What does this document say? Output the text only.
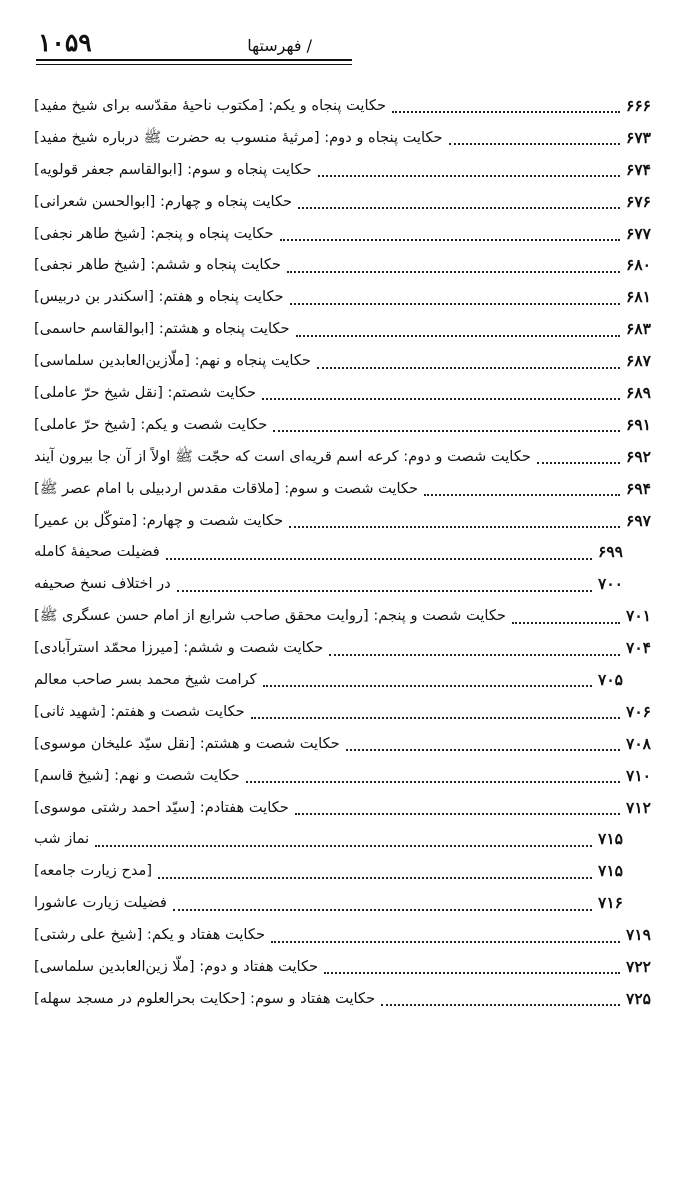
۱۰۵۹	/ فهرستها
حکایت پنجاه و یکم: [مکتوب ناحیهٔ مقدّسه برای شیخ مفید]	۶۶۶
حکایت پنجاه و دوم: [مرثیهٔ منسوب به حضرت ﷺ درباره شیخ مفید]	۶۷۳
حکایت پنجاه و سوم: [ابوالقاسم جعفر قولویه]	۶۷۴
حکایت پنجاه و چهارم: [ابوالحسن شعرانی]	۶۷۶
حکایت پنجاه و پنجم: [شیخ طاهر نجفی]	۶۷۷
حکایت پنجاه و ششم: [شیخ طاهر نجفی]	۶۸۰
حکایت پنجاه و هفتم: [اسکندر بن دربیس]	۶۸۱
حکایت پنجاه و هشتم: [ابوالقاسم حاسمی]	۶۸۳
حکایت پنجاه و نهم: [ملّازین‌العابدین سلماسی]	۶۸۷
حکایت شصتم: [نقل شیخ حرّ عاملی]	۶۸۹
حکایت شصت و یکم: [شیخ حرّ عاملی]	۶۹۱
حکایت شصت و دوم: کرعه اسم قریه‌ای است که حجّت ﷺ اولاً از آن جا بیرون آیند	۶۹۲
حکایت شصت و سوم: [ملاقات مقدس اردبیلی با امام عصر ﷺ]	۶۹۴
حکایت شصت و چهارم: [متوکّل بن عمیر]	۶۹۷
فضیلت صحیفهٔ کامله	۶۹۹
در اختلاف نسخ صحیفه	۷۰۰
حکایت شصت و پنجم: [روایت محقق صاحب شرایع از امام حسن عسگری ﷺ]	۷۰۱
حکایت شصت و ششم: [میرزا محمّد استرآبادی]	۷۰۴
کرامت شیخ محمد بسر صاحب معالم	۷۰۵
حکایت شصت و هفتم: [شهید ثانی]	۷۰۶
حکایت شصت و هشتم: [نقل سیّد علیخان موسوی]	۷۰۸
حکایت شصت و نهم: [شیخ قاسم]	۷۱۰
حکایت هفتادم: [سیّد احمد رشتی موسوی]	۷۱۲
نماز شب	۷۱۵
[مدح زیارت جامعه]	۷۱۵
فضیلت زیارت عاشورا	۷۱۶
حکایت هفتاد و یکم: [شیخ علی رشتی]	۷۱۹
حکایت هفتاد و دوم: [ملّا زین‌العابدین سلماسی]	۷۲۲
حکایت هفتاد و سوم: [حکایت بحرالعلوم در مسجد سهله]	۷۲۵
